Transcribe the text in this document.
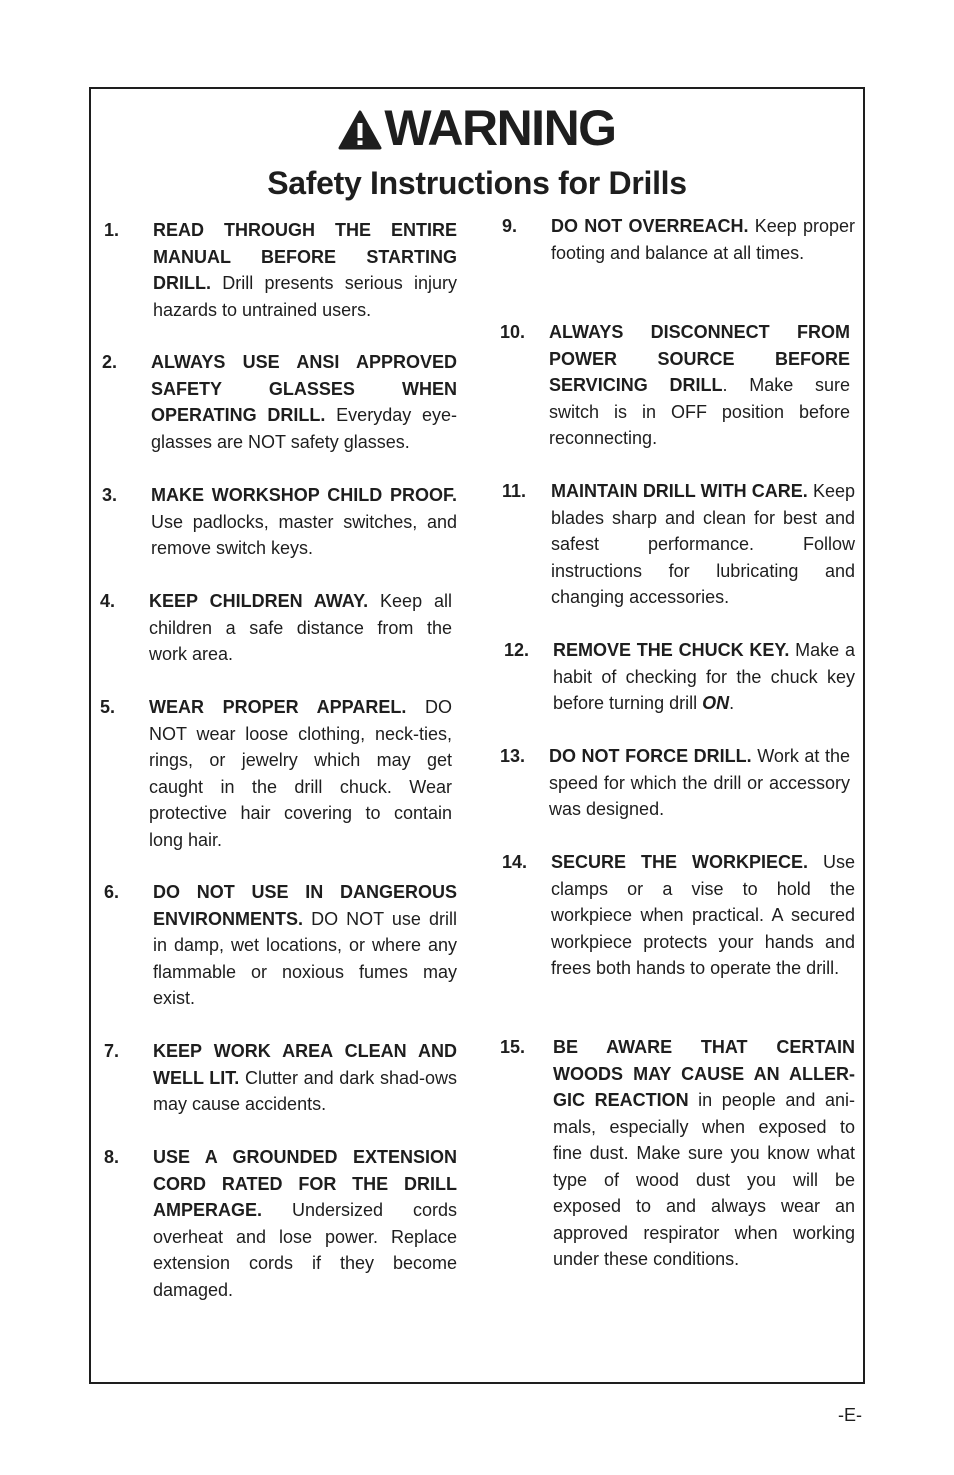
WARNING
Safety Instructions for Drills
1. READ THROUGH THE ENTIRE MANUAL BEFORE STARTING DRILL. Drill presents serious injury hazards to untrained users.
2. ALWAYS USE ANSI APPROVED SAFETY GLASSES WHEN OPERATING DRILL. Everyday eye-glasses are NOT safety glasses.
3. MAKE WORKSHOP CHILD PROOF. Use padlocks, master switches, and remove switch keys.
4. KEEP CHILDREN AWAY. Keep all children a safe distance from the work area.
5. WEAR PROPER APPAREL. DO NOT wear loose clothing, neck-ties, rings, or jewelry which may get caught in the drill chuck. Wear protective hair covering to contain long hair.
6. DO NOT USE IN DANGEROUS ENVIRONMENTS. DO NOT use drill in damp, wet locations, or where any flammable or noxious fumes may exist.
7. KEEP WORK AREA CLEAN AND WELL LIT. Clutter and dark shad-ows may cause accidents.
8. USE A GROUNDED EXTENSION CORD RATED FOR THE DRILL AMPERAGE. Undersized cords overheat and lose power. Replace extension cords if they become damaged.
9. DO NOT OVERREACH. Keep proper footing and balance at all times.
10. ALWAYS DISCONNECT FROM POWER SOURCE BEFORE SERVICING DRILL. Make sure switch is in OFF position before reconnecting.
11. MAINTAIN DRILL WITH CARE. Keep blades sharp and clean for best and safest performance. Follow instructions for lubricating and changing accessories.
12. REMOVE THE CHUCK KEY. Make a habit of checking for the chuck key before turning drill ON.
13. DO NOT FORCE DRILL. Work at the speed for which the drill or accessory was designed.
14. SECURE THE WORKPIECE. Use clamps or a vise to hold the workpiece when practical. A secured workpiece protects your hands and frees both hands to operate the drill.
15. BE AWARE THAT CERTAIN WOODS MAY CAUSE AN ALLER-GIC REACTION in people and ani-mals, especially when exposed to fine dust. Make sure you know what type of wood dust you will be exposed to and always wear an approved respirator when working under these conditions.
-E-
